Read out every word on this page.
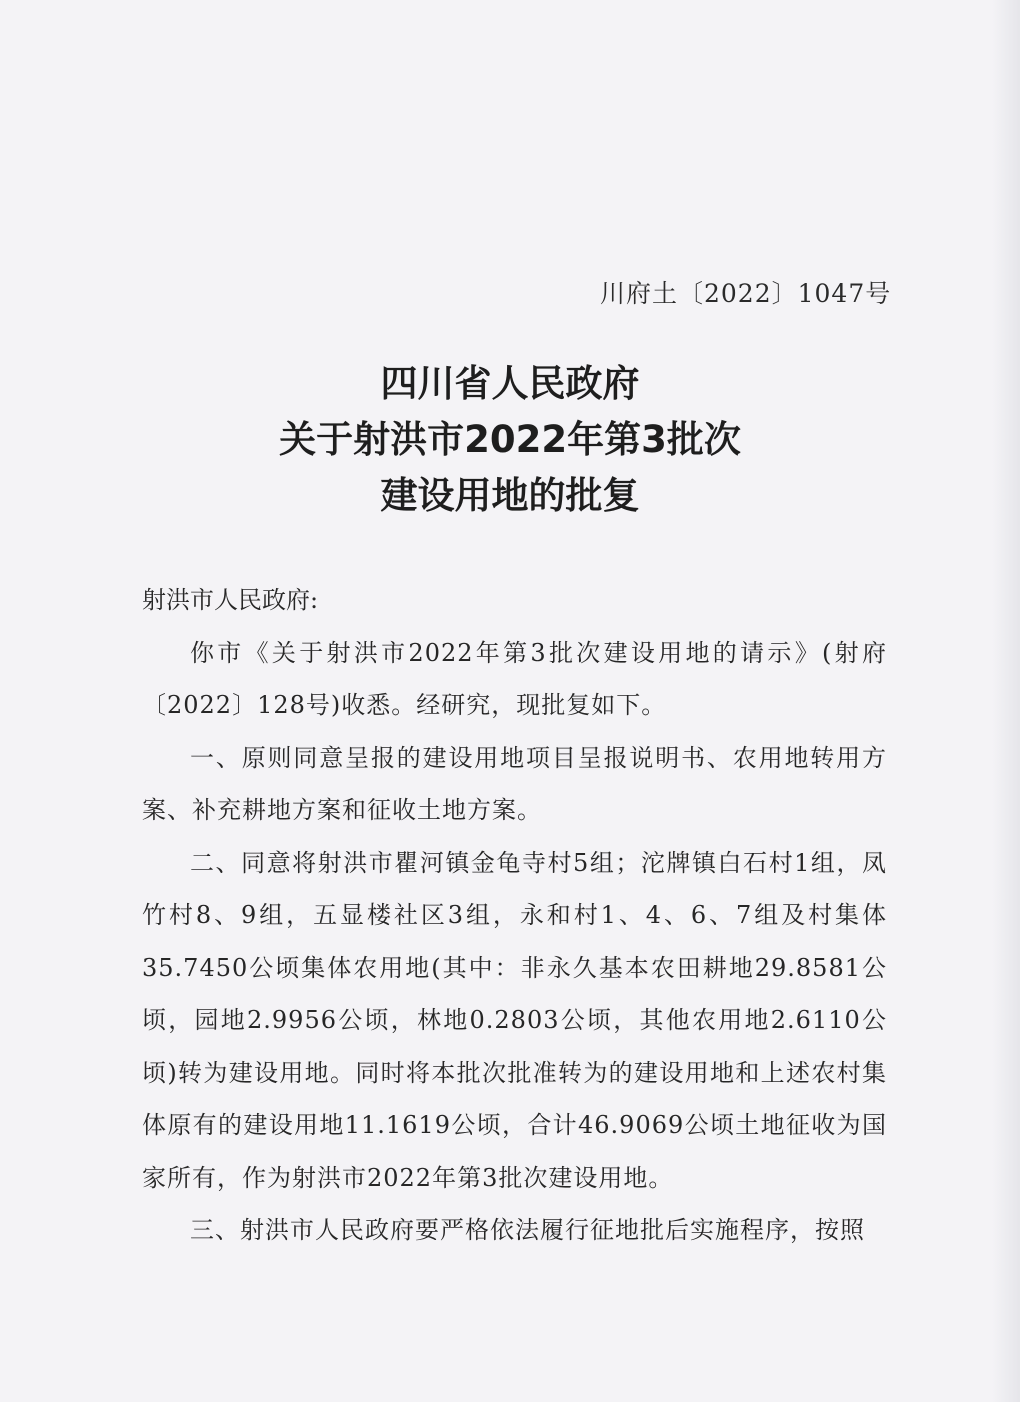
川府土〔2022〕1047号
四川省人民政府
关于射洪市2022年第3批次
建设用地的批复

射洪市人民政府:

你市《关于射洪市2022年第3批次建设用地的请示》(射府〔2022〕128号)收悉。经研究，现批复如下。

一、原则同意呈报的建设用地项目呈报说明书、农用地转用方案、补充耕地方案和征收土地方案。

二、同意将射洪市瞿河镇金龟寺村5组；沱牌镇白石村1组，凤竹村8、9组，五显楼社区3组，永和村1、4、6、7组及村集体35.7450公顷集体农用地(其中：非永久基本农田耕地29.8581公顷，园地2.9956公顷，林地0.2803公顷，其他农用地2.6110公顷)转为建设用地。同时将本批次批准转为的建设用地和上述农村集体原有的建设用地11.1619公顷，合计46.9069公顷土地征收为国家所有，作为射洪市2022年第3批次建设用地。

三、射洪市人民政府要严格依法履行征地批后实施程序，按照
